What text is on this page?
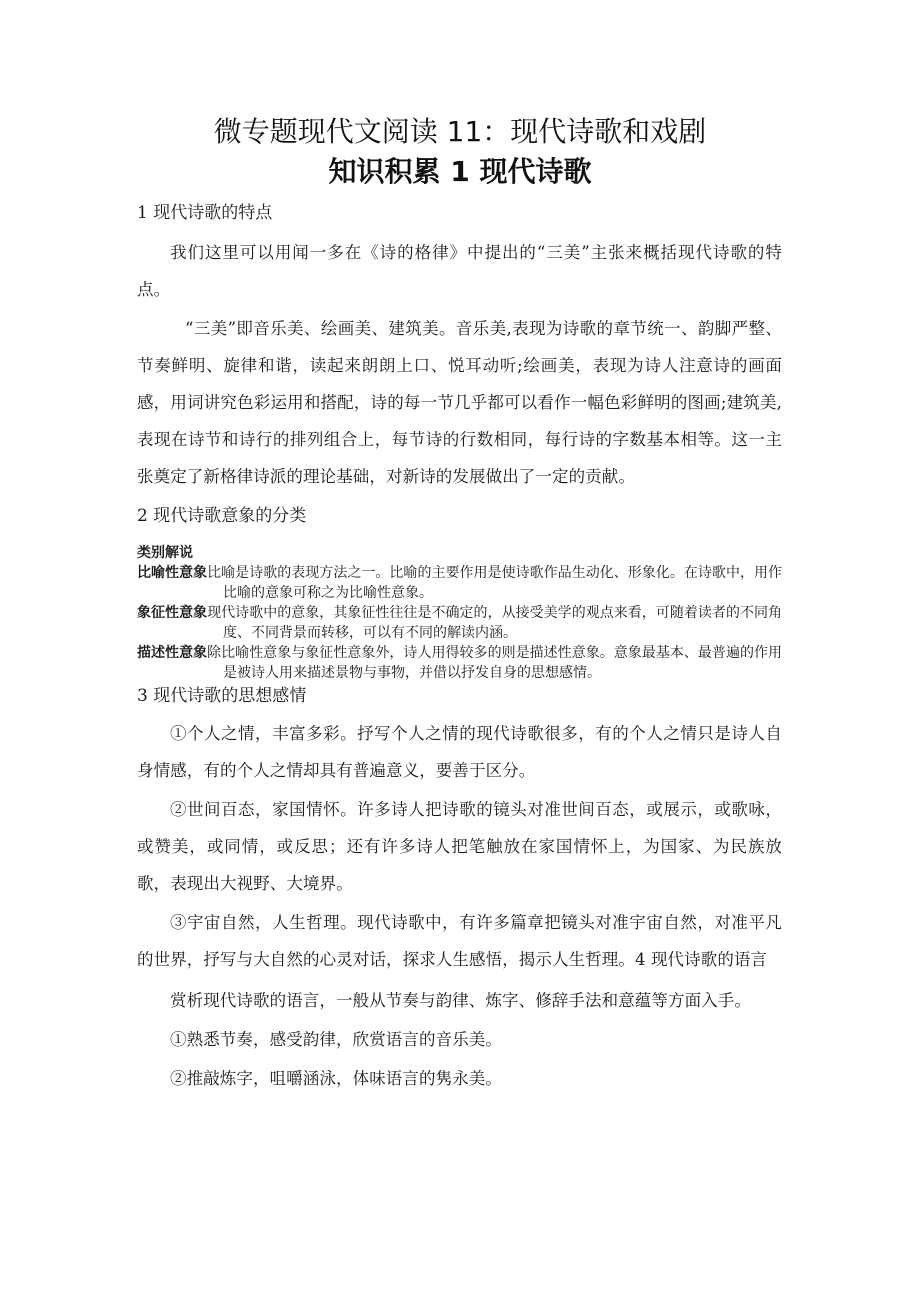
微专题现代文阅读 11：现代诗歌和戏剧
知识积累 1 现代诗歌

1 现代诗歌的特点

我们这里可以用闻一多在《诗的格律》中提出的“三美”主张来概括现代诗歌的特点。

“三美”即音乐美、绘画美、建筑美。音乐美,表现为诗歌的章节统一、韵脚严整、节奏鲜明、旋律和谐，读起来朗朗上口、悦耳动听;绘画美，表现为诗人注意诗的画面感，用词讲究色彩运用和搭配，诗的每一节几乎都可以看作一幅色彩鲜明的图画;建筑美,表现在诗节和诗行的排列组合上，每节诗的行数相同，每行诗的字数基本相等。这一主张奠定了新格律诗派的理论基础，对新诗的发展做出了一定的贡献。

2 现代诗歌意象的分类

类别解说

比喻性意象比喻是诗歌的表现方法之一。比喻的主要作用是使诗歌作品生动化、形象化。在诗歌中，用作比喻的意象可称之为比喻性意象。

象征性意象现代诗歌中的意象，其象征性往往是不确定的，从接受美学的观点来看，可随着读者的不同角度、不同背景而转移，可以有不同的解读内涵。

描述性意象除比喻性意象与象征性意象外，诗人用得较多的则是描述性意象。意象最基本、最普遍的作用是被诗人用来描述景物与事物，并借以抒发自身的思想感情。

3 现代诗歌的思想感情

①个人之情，丰富多彩。抒写个人之情的现代诗歌很多，有的个人之情只是诗人自身情感，有的个人之情却具有普遍意义，要善于区分。

②世间百态，家国情怀。许多诗人把诗歌的镜头对准世间百态，或展示，或歌咏，或赞美，或同情，或反思；还有许多诗人把笔触放在家国情怀上，为国家、为民族放歌，表现出大视野、大境界。

③宇宙自然，人生哲理。现代诗歌中，有许多篇章把镜头对准宇宙自然，对准平凡的世界，抒写与大自然的心灵对话，探求人生感悟，揭示人生哲理。4 现代诗歌的语言

赏析现代诗歌的语言，一般从节奏与韵律、炼字、修辞手法和意蕴等方面入手。

①熟悉节奏，感受韵律，欣赏语言的音乐美。

②推敲炼字，咀嚼涵泳，体味语言的隽永美。
